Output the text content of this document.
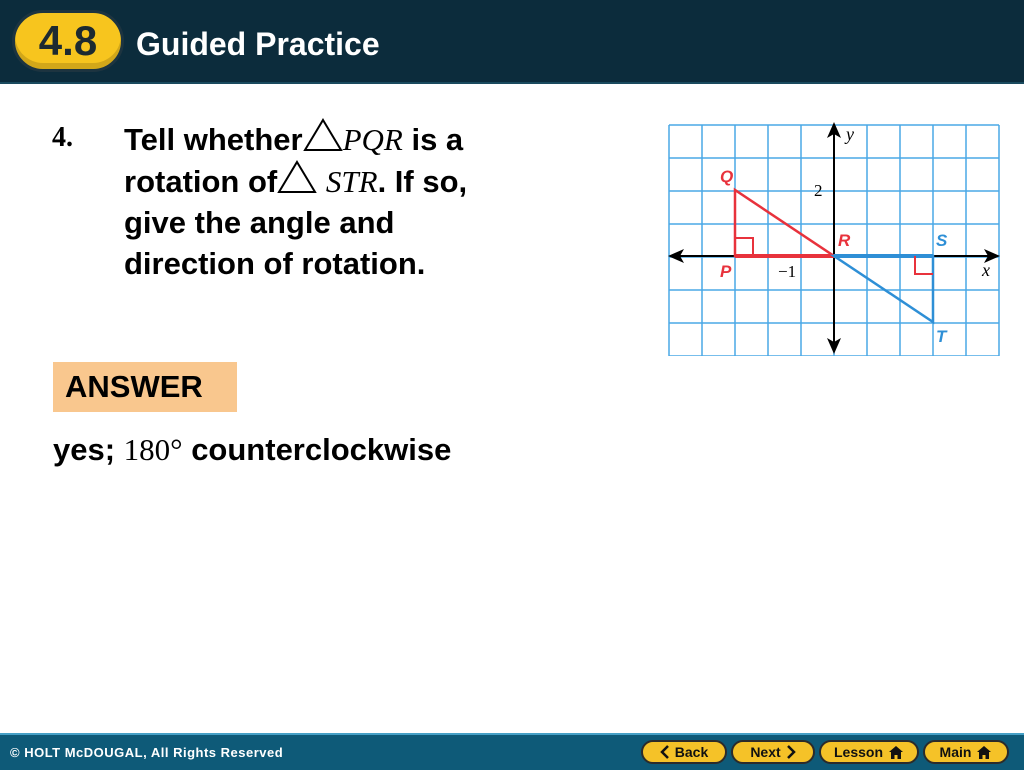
4.8	Guided Practice
4. Tell whether PQR is a
rotation of STR. If so,
give the angle and
direction of rotation.
y
x
2
−1
Q
P
R	S
T
ANSWER
yes; 180° counterclockwise
© HOLT McDOUGAL, All Rights Reserved	Back	Next	Lesson	Main
